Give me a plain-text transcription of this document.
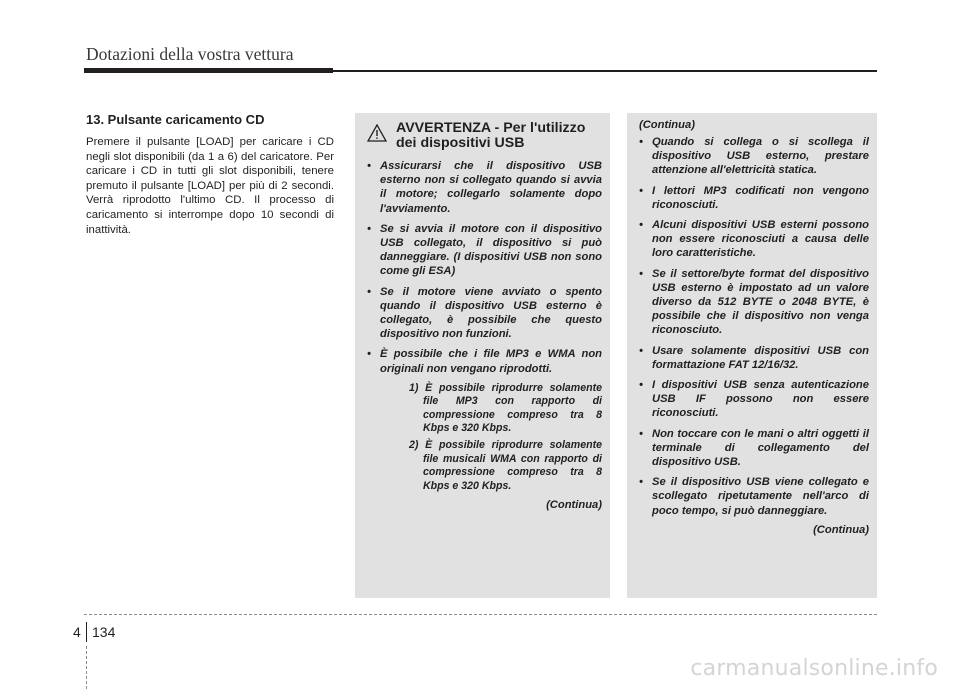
Dotazioni della vostra vettura
13. Pulsante caricamento CD

Premere il pulsante [LOAD] per caricare i CD negli slot disponibili (da 1 a 6) del caricatore. Per caricare i CD in tutti gli slot disponibili, tenere premuto il pulsante [LOAD] per più di 2 secondi. Verrà riprodotto l'ultimo CD. Il processo di caricamento si interrompe dopo 10 secondi di inattività.

AVVERTENZA - Per l'utilizzo dei dispositivi USB
• Assicurarsi che il dispositivo USB esterno non si collegato quando si avvia il motore; collegarlo solamente dopo l'avviamento.
• Se si avvia il motore con il dispositivo USB collegato, il dispositivo si può danneggiare. (I dispositivi USB non sono come gli ESA)
• Se il motore viene avviato o spento quando il dispositivo USB esterno è collegato, è possibile che questo dispositivo non funzioni.
• È possibile che i file MP3 e WMA non originali non vengano riprodotti.
1) È possibile riprodurre solamente file MP3 con rapporto di compressione compreso tra 8 Kbps e 320 Kbps.
2) È possibile riprodurre solamente file musicali WMA con rapporto di compressione compreso tra 8 Kbps e 320 Kbps.
(Continua)
(Continua)
• Quando si collega o si scollega il dispositivo USB esterno, prestare attenzione all'elettricità statica.
• I lettori MP3 codificati non vengono riconosciuti.
• Alcuni dispositivi USB esterni possono non essere riconosciuti a causa delle loro caratteristiche.
• Se il settore/byte format del dispositivo USB esterno è impostato ad un valore diverso da 512 BYTE o 2048 BYTE, è possibile che il dispositivo non venga riconosciuto.
• Usare solamente dispositivi USB con formattazione FAT 12/16/32.
• I dispositivi USB senza autenticazione USB IF possono non essere riconosciuti.
• Non toccare con le mani o altri oggetti il terminale di collegamento del dispositivo USB.
• Se il dispositivo USB viene collegato e scollegato ripetutamente nell'arco di poco tempo, si può danneggiare.
(Continua)
4 134
carmanualsonline.info
